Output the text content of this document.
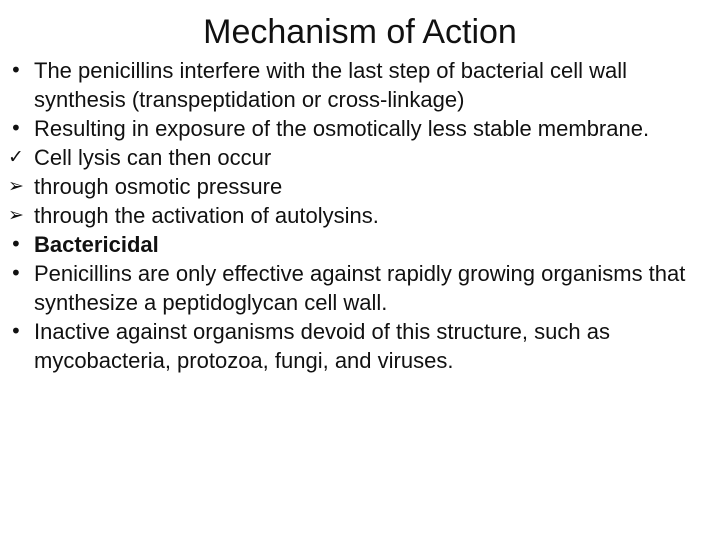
Mechanism of Action
• The penicillins interfere with the last step of bacterial cell wall synthesis (transpeptidation or cross-linkage)
• Resulting in exposure of the osmotically less stable membrane.
✓ Cell lysis can then occur
➢ through osmotic pressure
➢ through the activation of autolysins.
• Bactericidal
• Penicillins are only effective against rapidly growing organisms that synthesize a peptidoglycan cell wall.
• Inactive against organisms devoid of this structure, such as mycobacteria, protozoa, fungi, and viruses.
